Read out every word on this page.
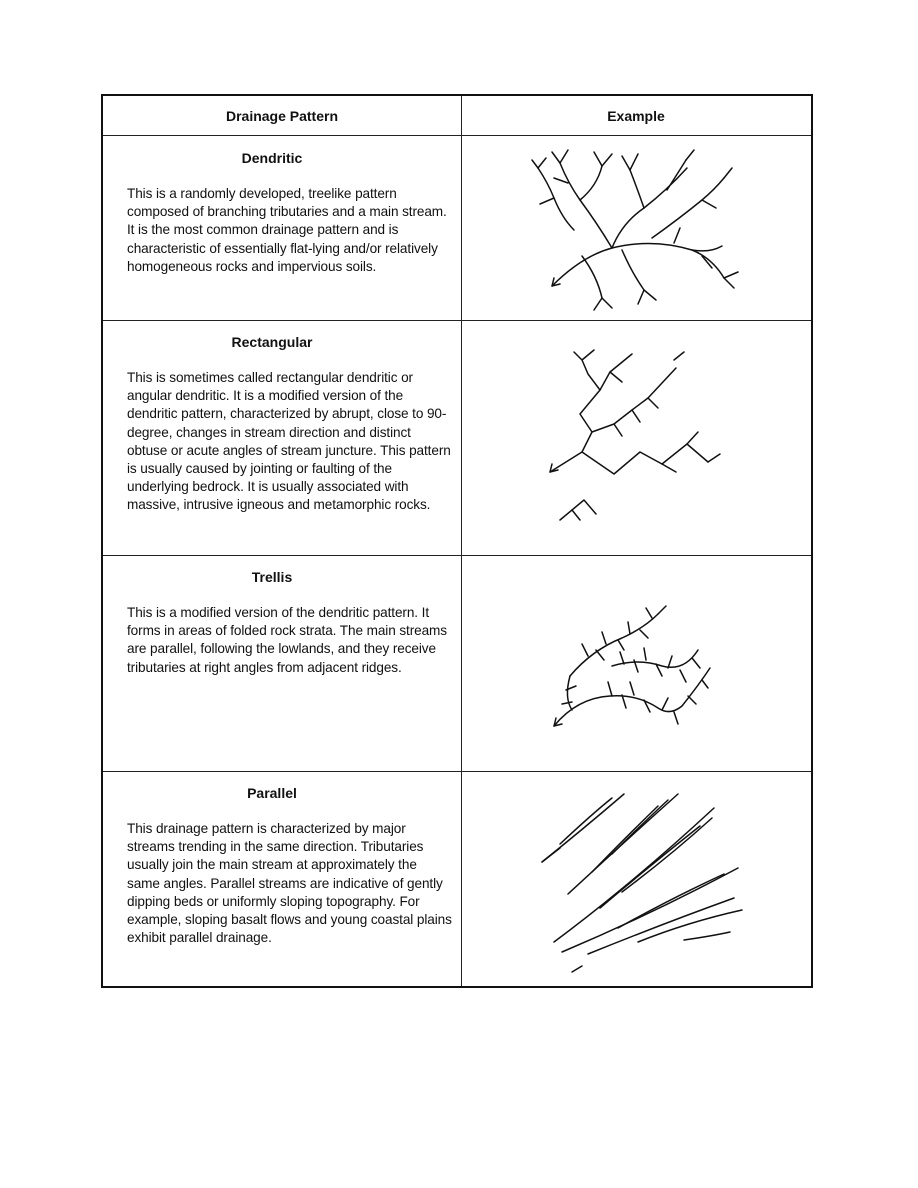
Drainage Pattern	Example
Dendritic
This is a randomly developed, treelike pattern composed of branching tributaries and a main stream. It is the most common drainage pattern and is characteristic of essentially flat-lying and/or relatively homogeneous rocks and impervious soils.
Rectangular
This is sometimes called rectangular dendritic or angular dendritic. It is a modified version of the dendritic pattern, characterized by abrupt, close to 90-degree, changes in stream direction and distinct obtuse or acute angles of stream juncture. This pattern is usually caused by jointing or faulting of the underlying bedrock. It is usually associated with massive, intrusive igneous and metamorphic rocks.
Trellis
This is a modified version of the dendritic pattern. It forms in areas of folded rock strata. The main streams are parallel, following the lowlands, and they receive tributaries at right angles from adjacent ridges.
Parallel
This drainage pattern is characterized by major streams trending in the same direction. Tributaries usually join the main stream at approximately the same angles. Parallel streams are indicative of gently dipping beds or uniformly sloping topography. For example, sloping basalt flows and young coastal plains exhibit parallel drainage.
